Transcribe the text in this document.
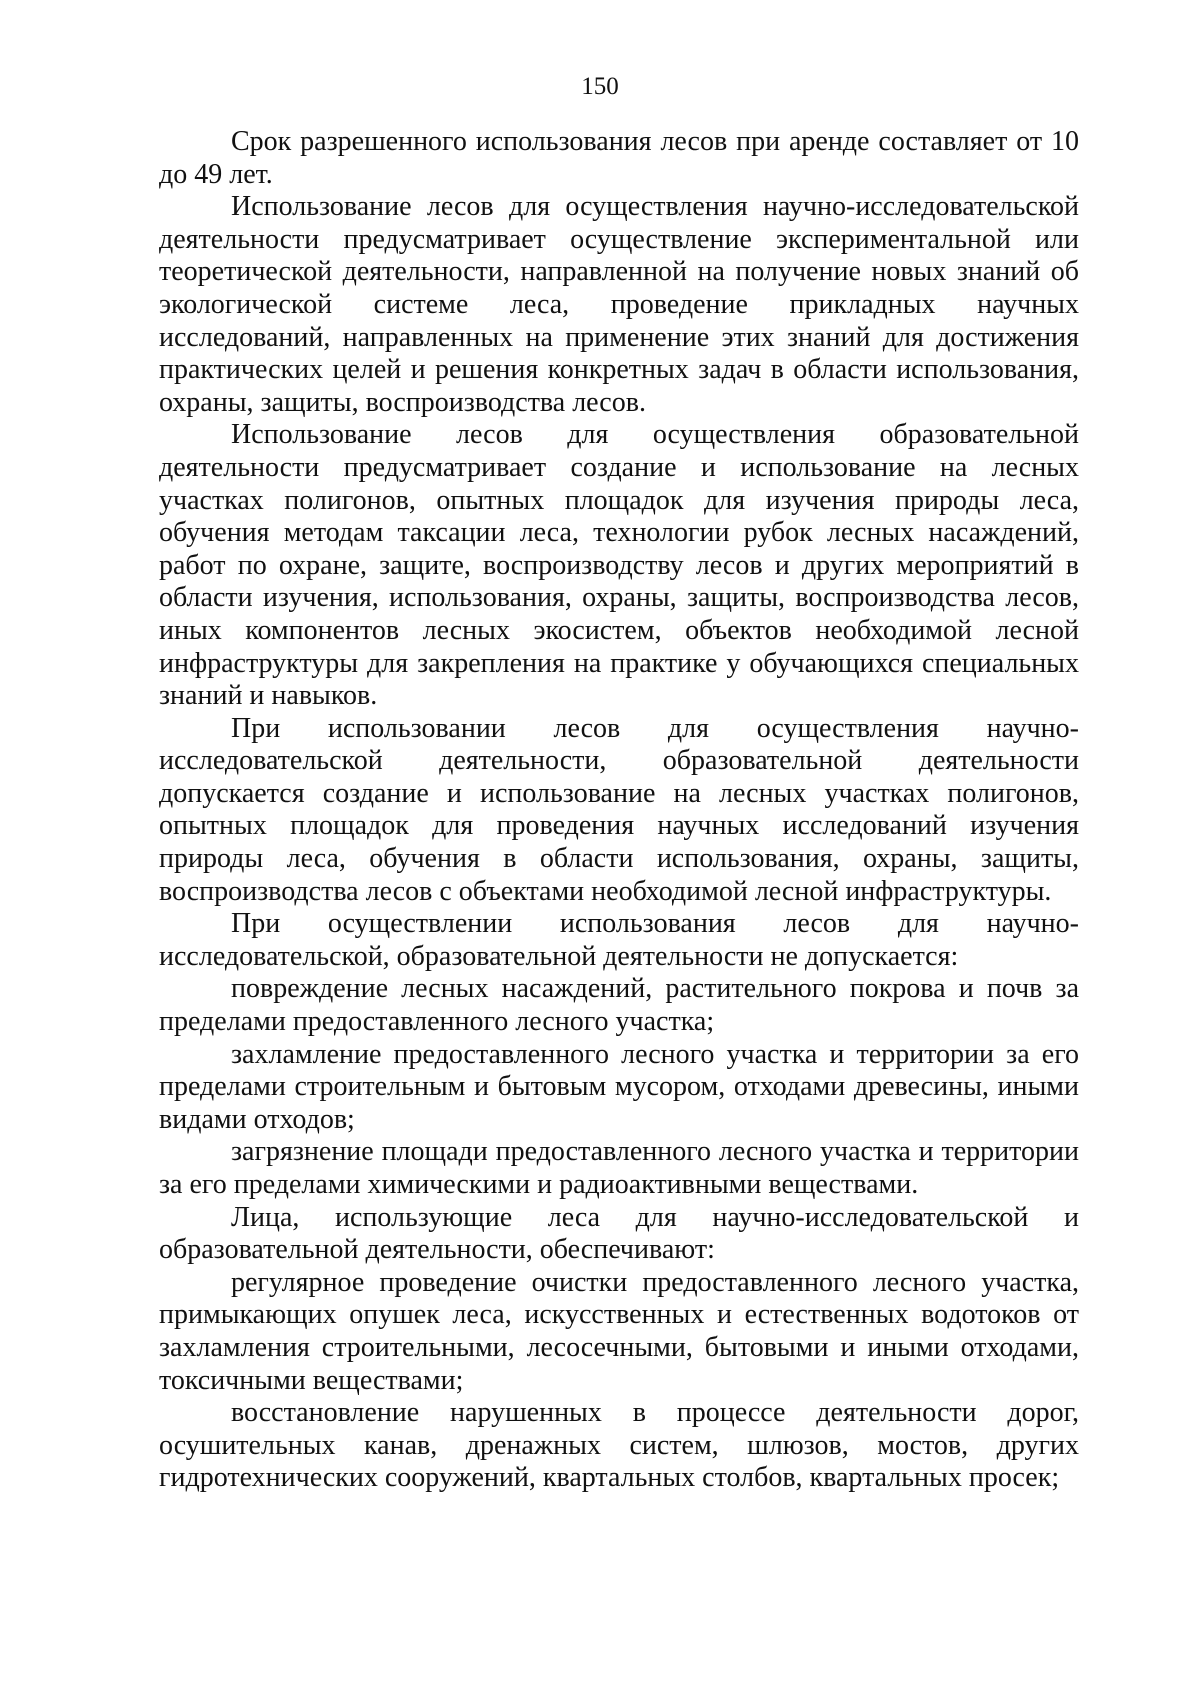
150

Срок разрешенного использования лесов при аренде составляет от 10 до 49 лет.

Использование лесов для осуществления научно-исследовательской деятельности предусматривает осуществление экспериментальной или теоретической деятельности, направленной на получение новых знаний об экологической системе леса, проведение прикладных научных исследований, направленных на применение этих знаний для достижения практических целей и решения конкретных задач в области использования, охраны, защиты, воспроизводства лесов.

Использование лесов для осуществления образовательной деятельности предусматривает создание и использование на лесных участках полигонов, опытных площадок для изучения природы леса, обучения методам таксации леса, технологии рубок лесных насаждений, работ по охране, защите, воспроизводству лесов и других мероприятий в области изучения, использования, охраны, защиты, воспроизводства лесов, иных компонентов лесных экосистем, объектов необходимой лесной инфраструктуры для закрепления на практике у обучающихся специальных знаний и навыков.

При использовании лесов для осуществления научно-исследовательской деятельности, образовательной деятельности допускается создание и использование на лесных участках полигонов, опытных площадок для проведения научных исследований изучения природы леса, обучения в области использования, охраны, защиты, воспроизводства лесов с объектами необходимой лесной инфраструктуры.

При осуществлении использования лесов для научно-исследовательской, образовательной деятельности не допускается:

повреждение лесных насаждений, растительного покрова и почв за пределами предоставленного лесного участка;

захламление предоставленного лесного участка и территории за его пределами строительным и бытовым мусором, отходами древесины, иными видами отходов;

загрязнение площади предоставленного лесного участка и территории за его пределами химическими и радиоактивными веществами.

Лица, использующие леса для научно-исследовательской и образовательной деятельности, обеспечивают:

регулярное проведение очистки предоставленного лесного участка, примыкающих опушек леса, искусственных и естественных водотоков от захламления строительными, лесосечными, бытовыми и иными отходами, токсичными веществами;

восстановление нарушенных в процессе деятельности дорог, осушительных канав, дренажных систем, шлюзов, мостов, других гидротехнических сооружений, квартальных столбов, квартальных просек;
